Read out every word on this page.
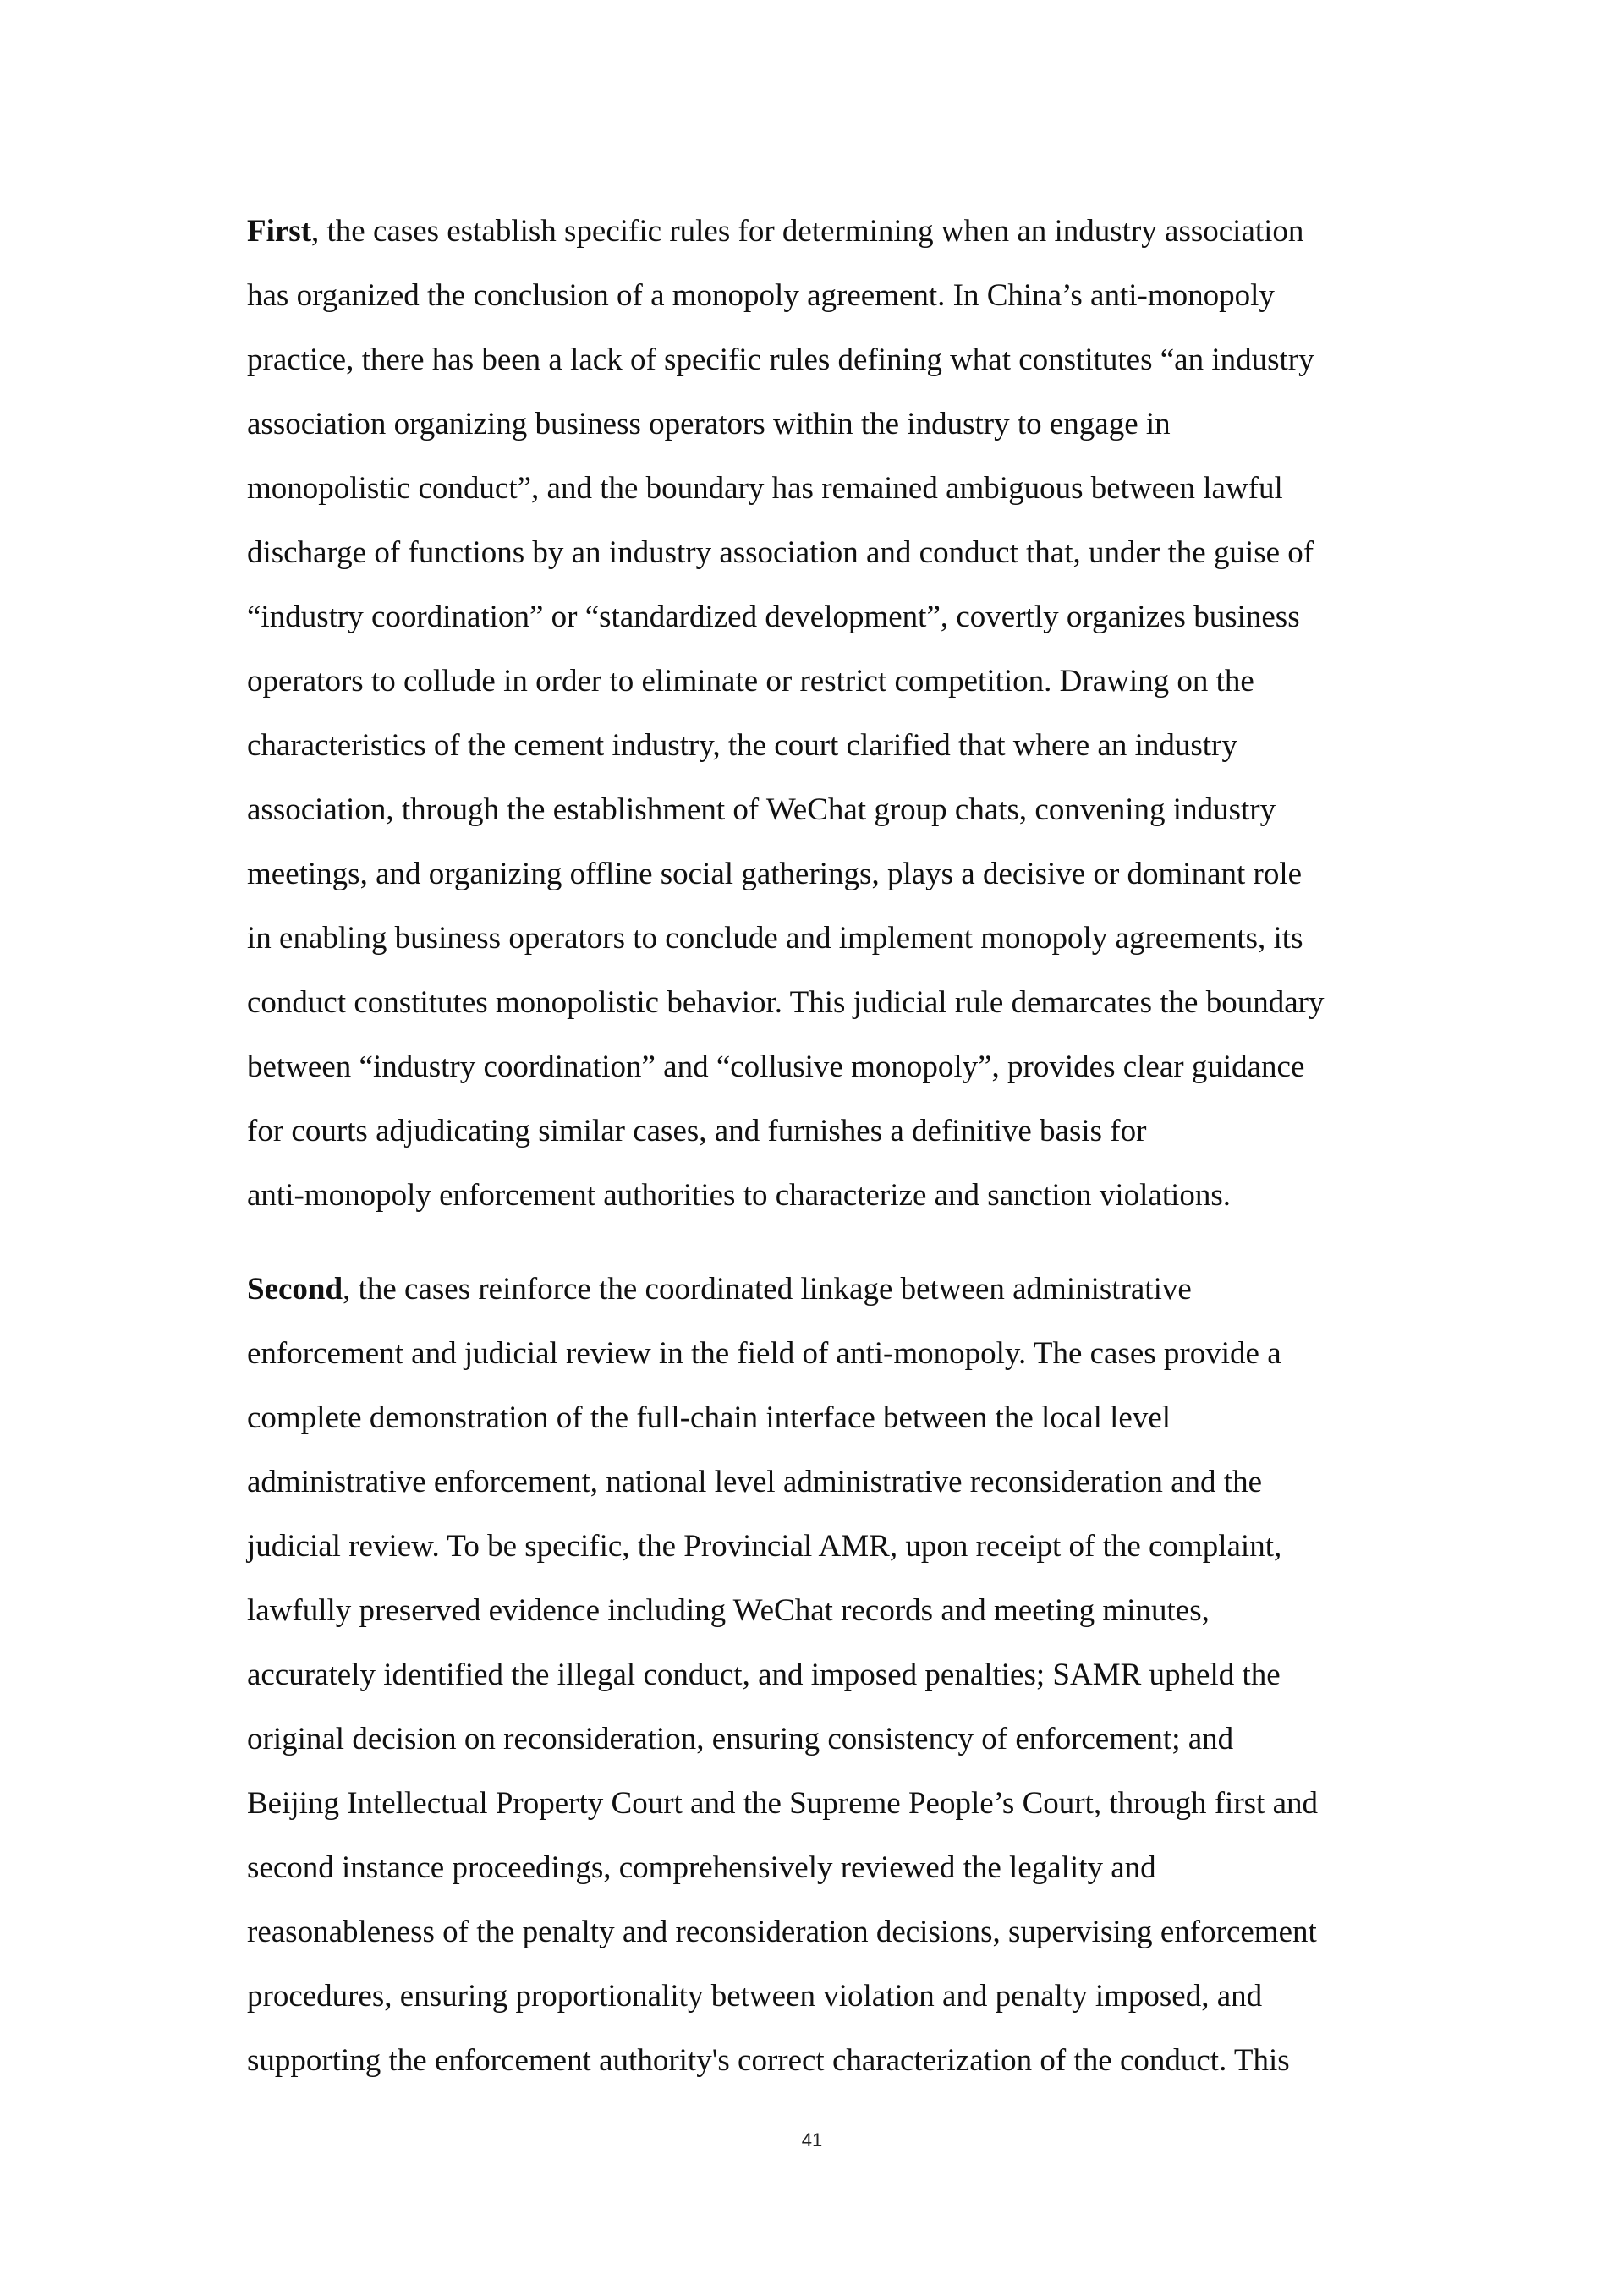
First, the cases establish specific rules for determining when an industry association
has organized the conclusion of a monopoly agreement. In China’s anti-monopoly
practice, there has been a lack of specific rules defining what constitutes “an industry
association organizing business operators within the industry to engage in
monopolistic conduct”, and the boundary has remained ambiguous between lawful
discharge of functions by an industry association and conduct that, under the guise of
“industry coordination” or “standardized development”, covertly organizes business
operators to collude in order to eliminate or restrict competition. Drawing on the
characteristics of the cement industry, the court clarified that where an industry
association, through the establishment of WeChat group chats, convening industry
meetings, and organizing offline social gatherings, plays a decisive or dominant role
in enabling business operators to conclude and implement monopoly agreements, its
conduct constitutes monopolistic behavior. This judicial rule demarcates the boundary
between “industry coordination” and “collusive monopoly”, provides clear guidance
for courts adjudicating similar cases, and furnishes a definitive basis for
anti-monopoly enforcement authorities to characterize and sanction violations.
Second, the cases reinforce the coordinated linkage between administrative
enforcement and judicial review in the field of anti-monopoly. The cases provide a
complete demonstration of the full-chain interface between the local level
administrative enforcement, national level administrative reconsideration and the
judicial review. To be specific, the Provincial AMR, upon receipt of the complaint,
lawfully preserved evidence including WeChat records and meeting minutes,
accurately identified the illegal conduct, and imposed penalties; SAMR upheld the
original decision on reconsideration, ensuring consistency of enforcement; and
Beijing Intellectual Property Court and the Supreme People’s Court, through first and
second instance proceedings, comprehensively reviewed the legality and
reasonableness of the penalty and reconsideration decisions, supervising enforcement
procedures, ensuring proportionality between violation and penalty imposed, and
supporting the enforcement authority's correct characterization of the conduct. This
41
